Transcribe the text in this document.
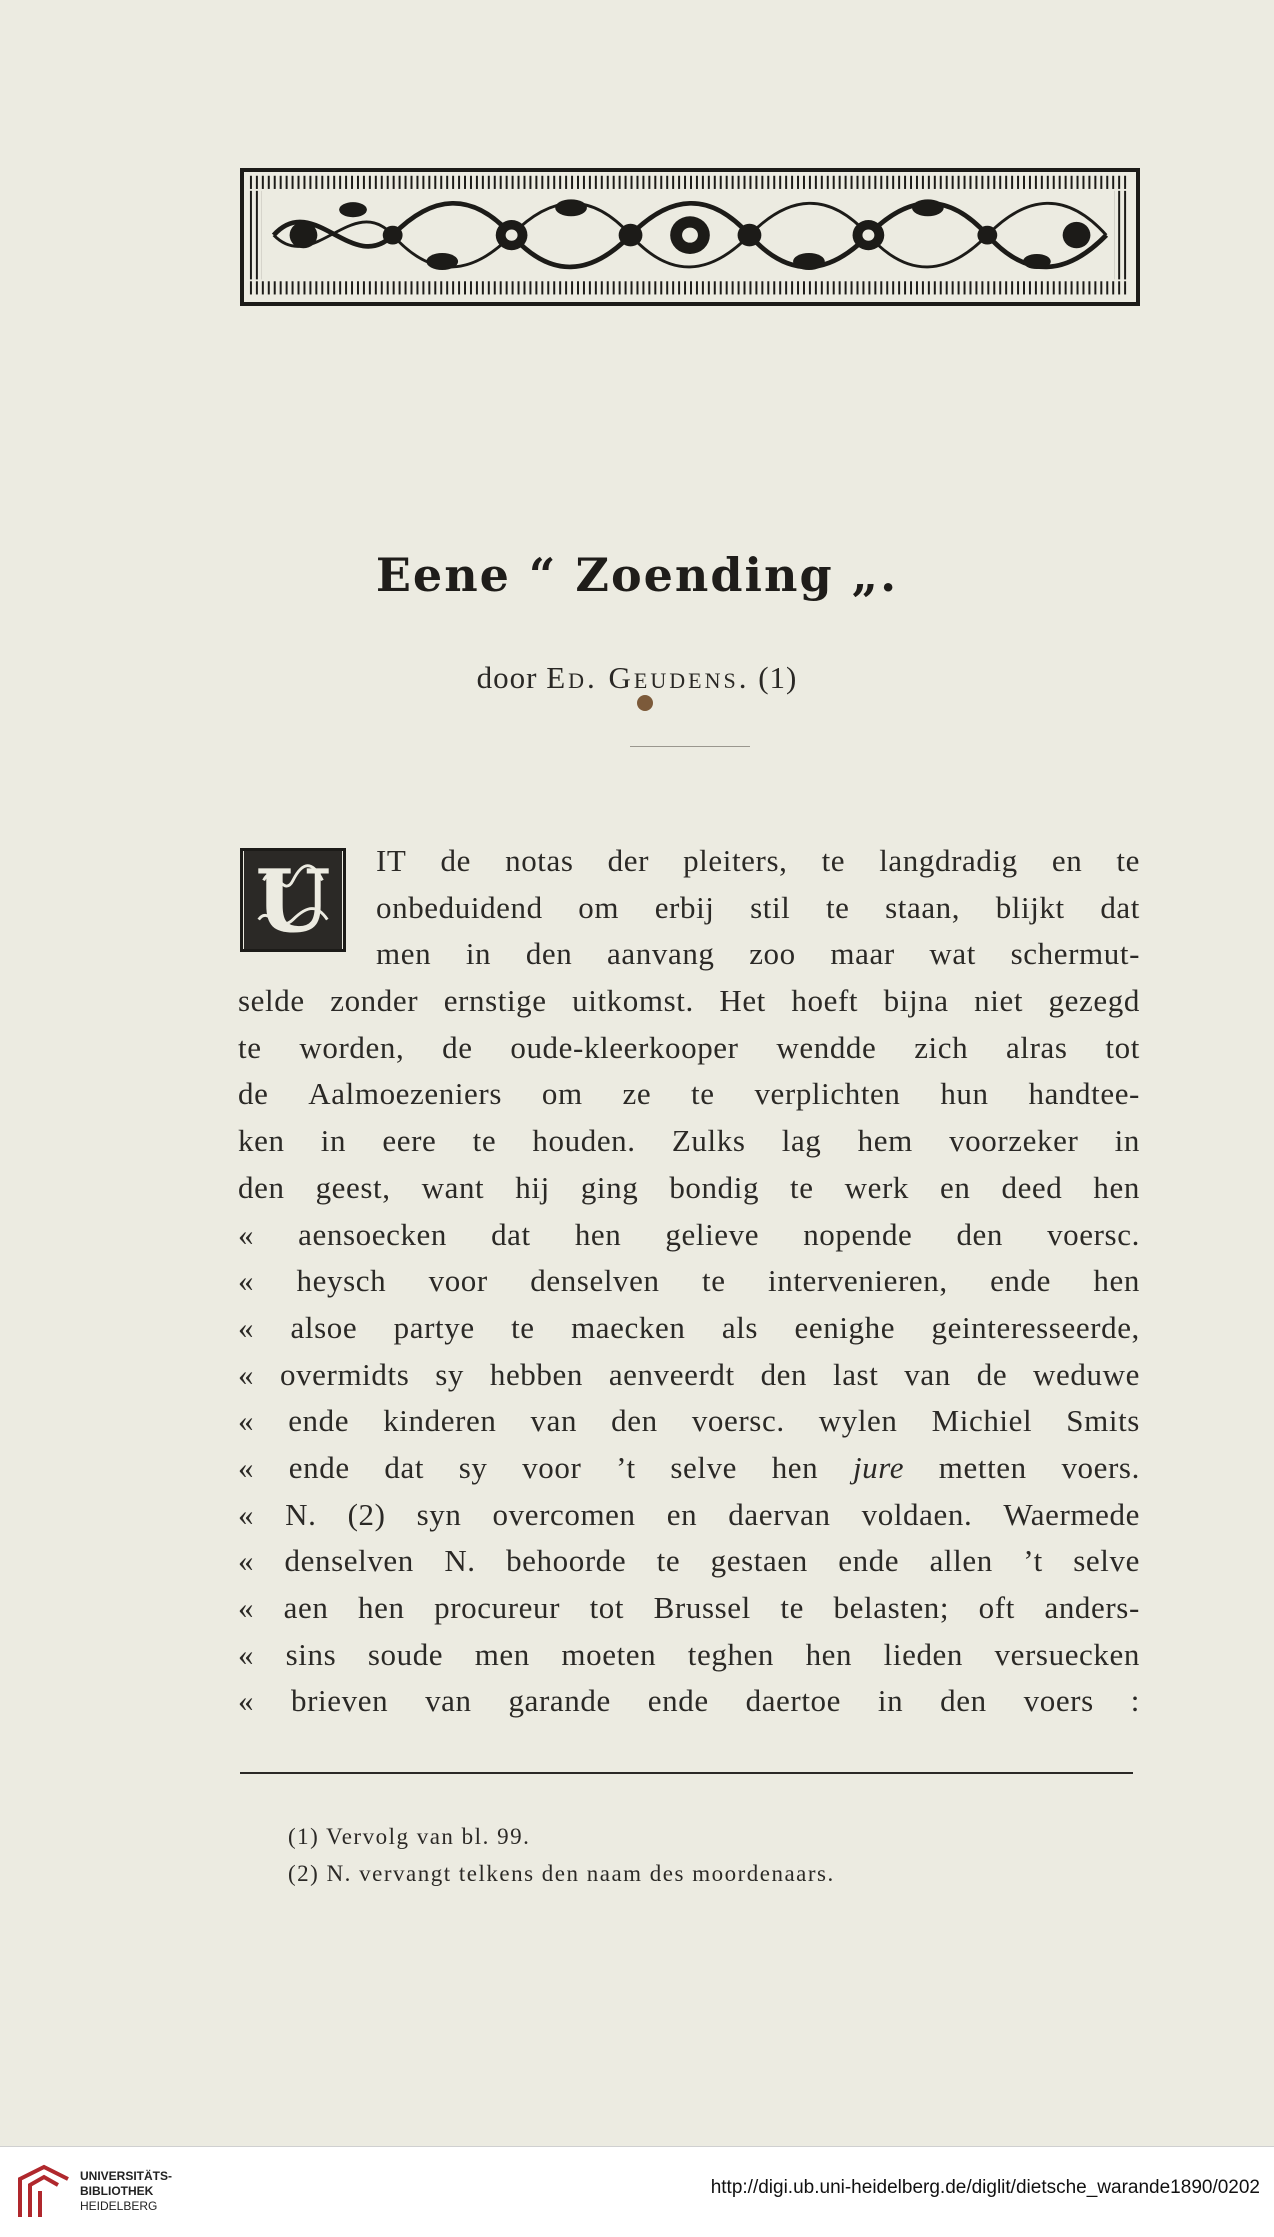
Eene “ Zoending „.
door Ed. Geudens. (1)
U IT de notas der pleiters, te langdradig en te
onbeduidend om erbij stil te staan, blijkt dat
men in den aanvang zoo maar wat schermut-
selde zonder ernstige uitkomst. Het hoeft bijna niet gezegd
te worden, de oude-kleerkooper wendde zich alras tot
de Aalmoezeniers om ze te verplichten hun handtee-
ken in eere te houden. Zulks lag hem voorzeker in
den geest, want hij ging bondig te werk en deed hen
« aensoecken dat hen gelieve nopende den voersc.
« heysch voor denselven te intervenieren, ende hen
« alsoe partye te maecken als eenighe geinteresseerde,
« overmidts sy hebben aenveerdt den last van de weduwe
« ende kinderen van den voersc. wylen Michiel Smits
« ende dat sy voor ’t selve hen jure metten voers.
« N. (2) syn overcomen en daervan voldaen. Waermede
« denselven N. behoorde te gestaen ende allen ’t selve
« aen hen procureur tot Brussel te belasten; oft anders-
« sins soude men moeten teghen hen lieden versuecken
« brieven van garande ende daertoe in den voers :
(1) Vervolg van bl. 99.
(2) N. vervangt telkens den naam des moordenaars.
UNIVERSITÄTS-
BIBLIOTHEK
HEIDELBERG
http://digi.ub.uni-heidelberg.de/diglit/dietsche_warande1890/0202
